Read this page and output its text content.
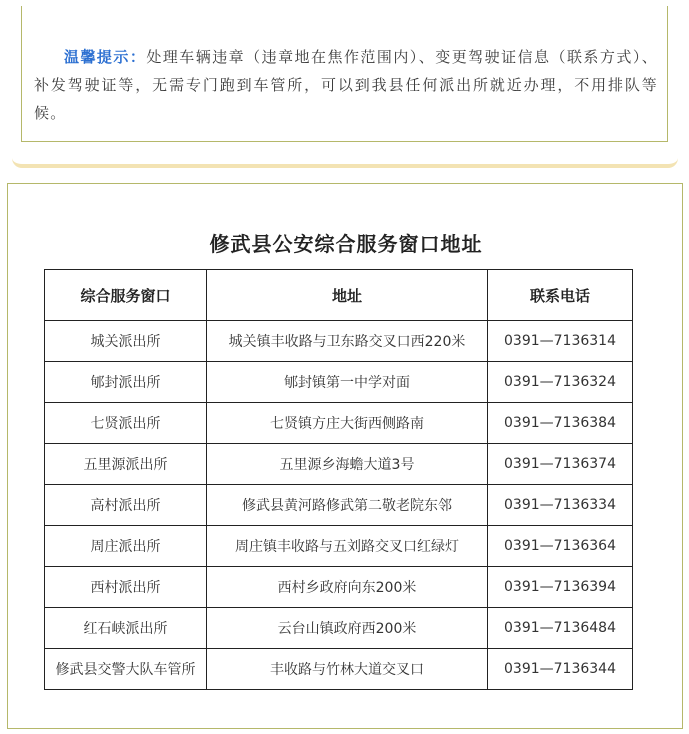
温馨提示：处理车辆违章（违章地在焦作范围内）、变更驾驶证信息（联系方式）、补发驾驶证等，无需专门跑到车管所，可以到我县任何派出所就近办理，不用排队等候。
修武县公安综合服务窗口地址
综合服务窗口	地址	联系电话
城关派出所	城关镇丰收路与卫东路交叉口西220米	0391—7136314
郇封派出所	郇封镇第一中学对面	0391—7136324
七贤派出所	七贤镇方庄大街西侧路南	0391—7136384
五里源派出所	五里源乡海蟾大道3号	0391—7136374
高村派出所	修武县黄河路修武第二敬老院东邻	0391—7136334
周庄派出所	周庄镇丰收路与五刘路交叉口红绿灯	0391—7136364
西村派出所	西村乡政府向东200米	0391—7136394
红石峡派出所	云台山镇政府西200米	0391—7136484
修武县交警大队车管所	丰收路与竹林大道交叉口	0391—7136344
